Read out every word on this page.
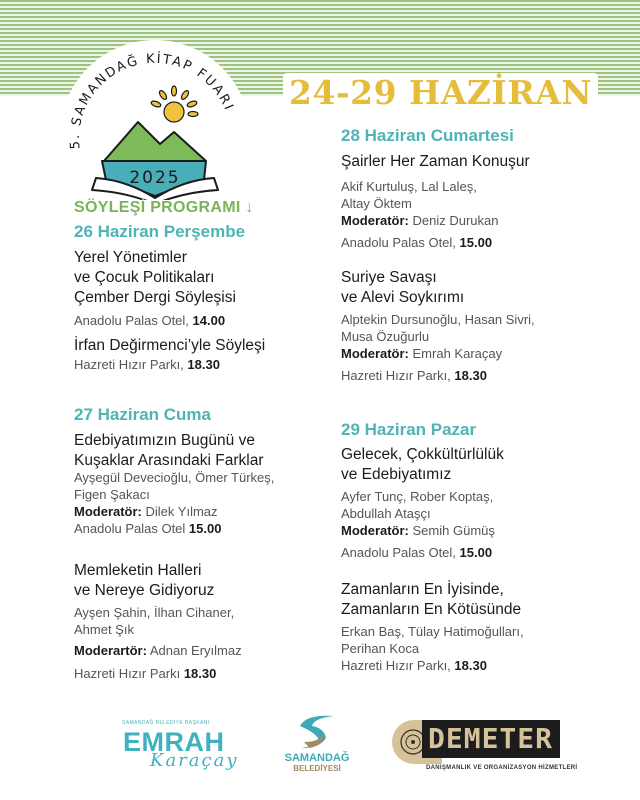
5. SAMANDAĞ KİTAP FUARI
2025
24-29 HAZİRAN
SÖYLEŞİ PROGRAMI ↓
26 Haziran Perşembe
Yerel Yönetimler
ve Çocuk Politikaları
Çember Dergi Söyleşisi
Anadolu Palas Otel, 14.00
İrfan Değirmenci’yle Söyleşi
Hazreti Hızır Parkı, 18.30
27 Haziran Cuma
Edebiyatımızın Bugünü ve
Kuşaklar Arasındaki Farklar
Ayşegül Devecioğlu, Ömer Türkeş,
Figen Şakacı
Moderatör: Dilek Yılmaz
Anadolu Palas Otel 15.00
Memleketin Halleri
ve Nereye Gidiyoruz
Ayşen Şahin, İlhan Cihaner,
Ahmet Şık
Moderartör: Adnan Eryılmaz
Hazreti Hızır Parkı 18.30
28 Haziran Cumartesi
Şairler Her Zaman Konuşur
Akif Kurtuluş, Lal Laleş,
Altay Öktem
Moderatör: Deniz Durukan
Anadolu Palas Otel, 15.00
Suriye Savaşı
ve Alevi Soykırımı
Alptekin Dursunoğlu, Hasan Sivri,
Musa Özuğurlu
Moderatör: Emrah Karaçay
Hazreti Hızır Parkı, 18.30
29 Haziran Pazar
Gelecek, Çokkültürlülük
ve Edebiyatımız
Ayfer Tunç, Rober Koptaş,
Abdullah Ataşçı
Moderatör: Semih Gümüş
Anadolu Palas Otel, 15.00
Zamanların En İyisinde,
Zamanların En Kötüsünde
Erkan Baş, Tülay Hatimoğulları,
Perihan Koca
Hazreti Hızır Parkı, 18.30
SAMANDAĞ BELEDİYE BAŞKANI
EMRAH
Karaçay	SAMANDAĞ
BELEDİYESİ
DEMETER
DANIŞMANLIK VE ORGANİZASYON HİZMETLERİ
